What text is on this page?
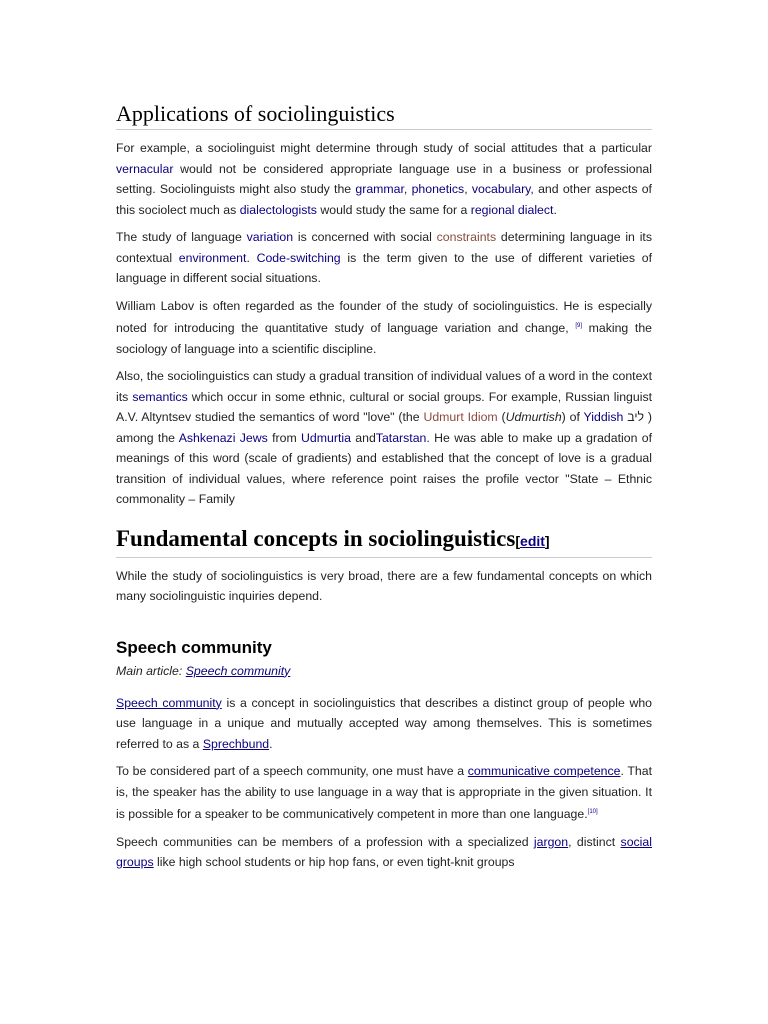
Applications of sociolinguistics

For example, a sociolinguist might determine through study of social attitudes that a particular vernacular would not be considered appropriate language use in a business or professional setting. Sociolinguists might also study the grammar, phonetics, vocabulary, and other aspects of this sociolect much as dialectologists would study the same for a regional dialect.

The study of language variation is concerned with social constraints determining language in its contextual environment. Code-switching is the term given to the use of different varieties of language in different social situations.

William Labov is often regarded as the founder of the study of sociolinguistics. He is especially noted for introducing the quantitative study of language variation and change, [9] making the sociology of language into a scientific discipline.

Also, the sociolinguistics can study a gradual transition of individual values of a word in the context its semantics which occur in some ethnic, cultural or social groups. For example, Russian linguist A.V. Altyntsev studied the semantics of word "love" (the Udmurt Idiom (Udmurtish) of Yiddish ליב ) among the Ashkenazi Jews from Udmurtia andTatarstan. He was able to make up a gradation of meanings of this word (scale of gradients) and established that the concept of love is a gradual transition of individual values, where reference point raises the profile vector "State – Ethnic commonality – Family

Fundamental concepts in sociolinguistics[edit]

While the study of sociolinguistics is very broad, there are a few fundamental concepts on which many sociolinguistic inquiries depend.

Speech community
Main article: Speech community

Speech community is a concept in sociolinguistics that describes a distinct group of people who use language in a unique and mutually accepted way among themselves. This is sometimes referred to as a Sprechbund.

To be considered part of a speech community, one must have a communicative competence. That is, the speaker has the ability to use language in a way that is appropriate in the given situation. It is possible for a speaker to be communicatively competent in more than one language.[10]

Speech communities can be members of a profession with a specialized jargon, distinct social groups like high school students or hip hop fans, or even tight-knit groups
